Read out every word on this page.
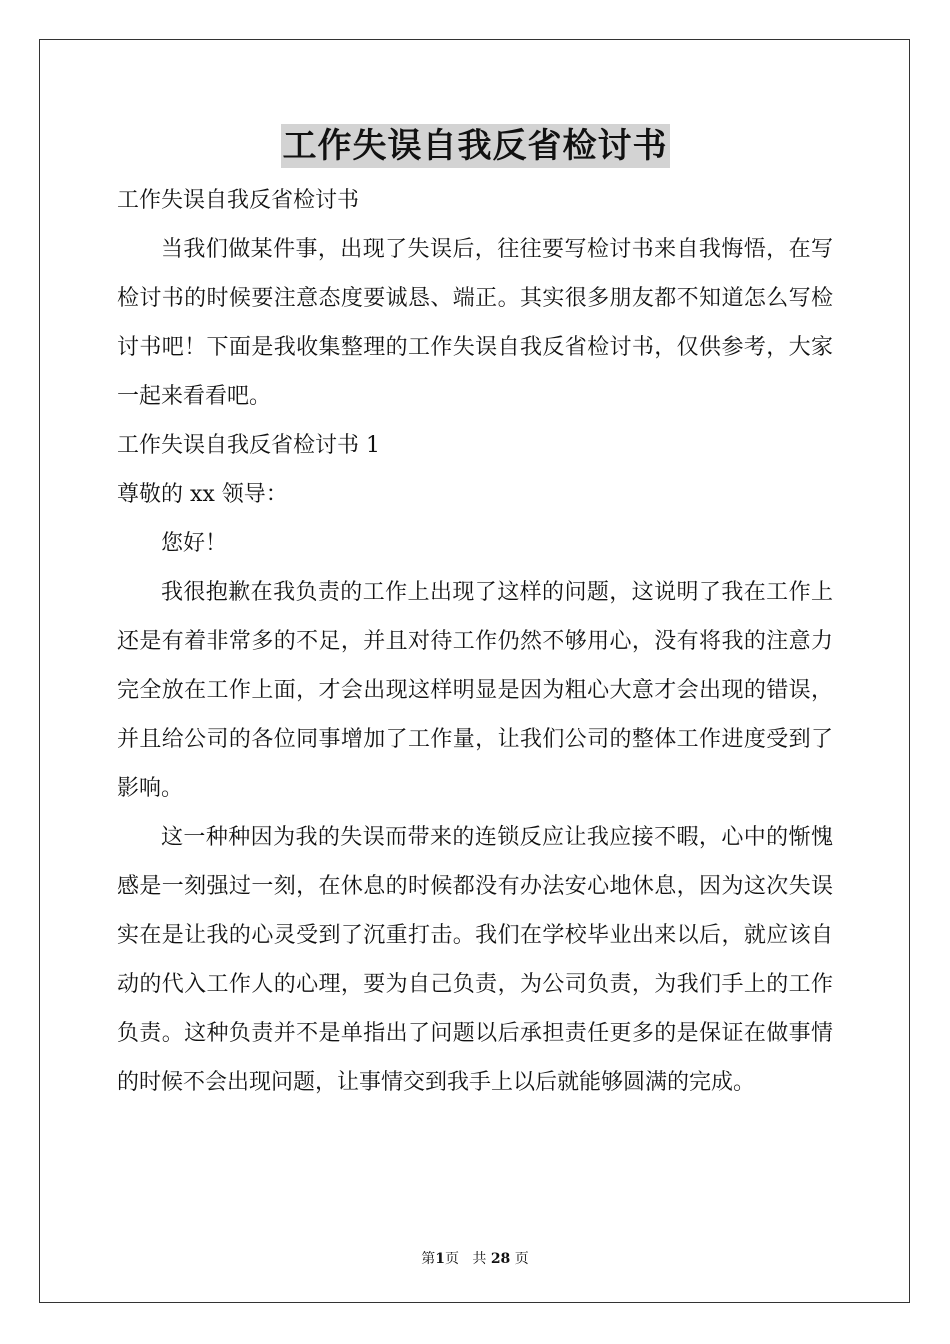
工作失误自我反省检讨书

工作失误自我反省检讨书

当我们做某件事，出现了失误后，往往要写检讨书来自我悔悟，在写检讨书的时候要注意态度要诚恳、端正。其实很多朋友都不知道怎么写检讨书吧！下面是我收集整理的工作失误自我反省检讨书，仅供参考，大家一起来看看吧。

工作失误自我反省检讨书 1

尊敬的 xx 领导：

您好！

我很抱歉在我负责的工作上出现了这样的问题，这说明了我在工作上还是有着非常多的不足，并且对待工作仍然不够用心，没有将我的注意力完全放在工作上面，才会出现这样明显是因为粗心大意才会出现的错误，并且给公司的各位同事增加了工作量，让我们公司的整体工作进度受到了影响。

这一种种因为我的失误而带来的连锁反应让我应接不暇，心中的惭愧感是一刻强过一刻，在休息的时候都没有办法安心地休息，因为这次失误实在是让我的心灵受到了沉重打击。我们在学校毕业出来以后，就应该自动的代入工作人的心理，要为自己负责，为公司负责，为我们手上的工作负责。这种负责并不是单指出了问题以后承担责任更多的是保证在做事情的时候不会出现问题，让事情交到我手上以后就能够圆满的完成。

第1页 共 28 页
